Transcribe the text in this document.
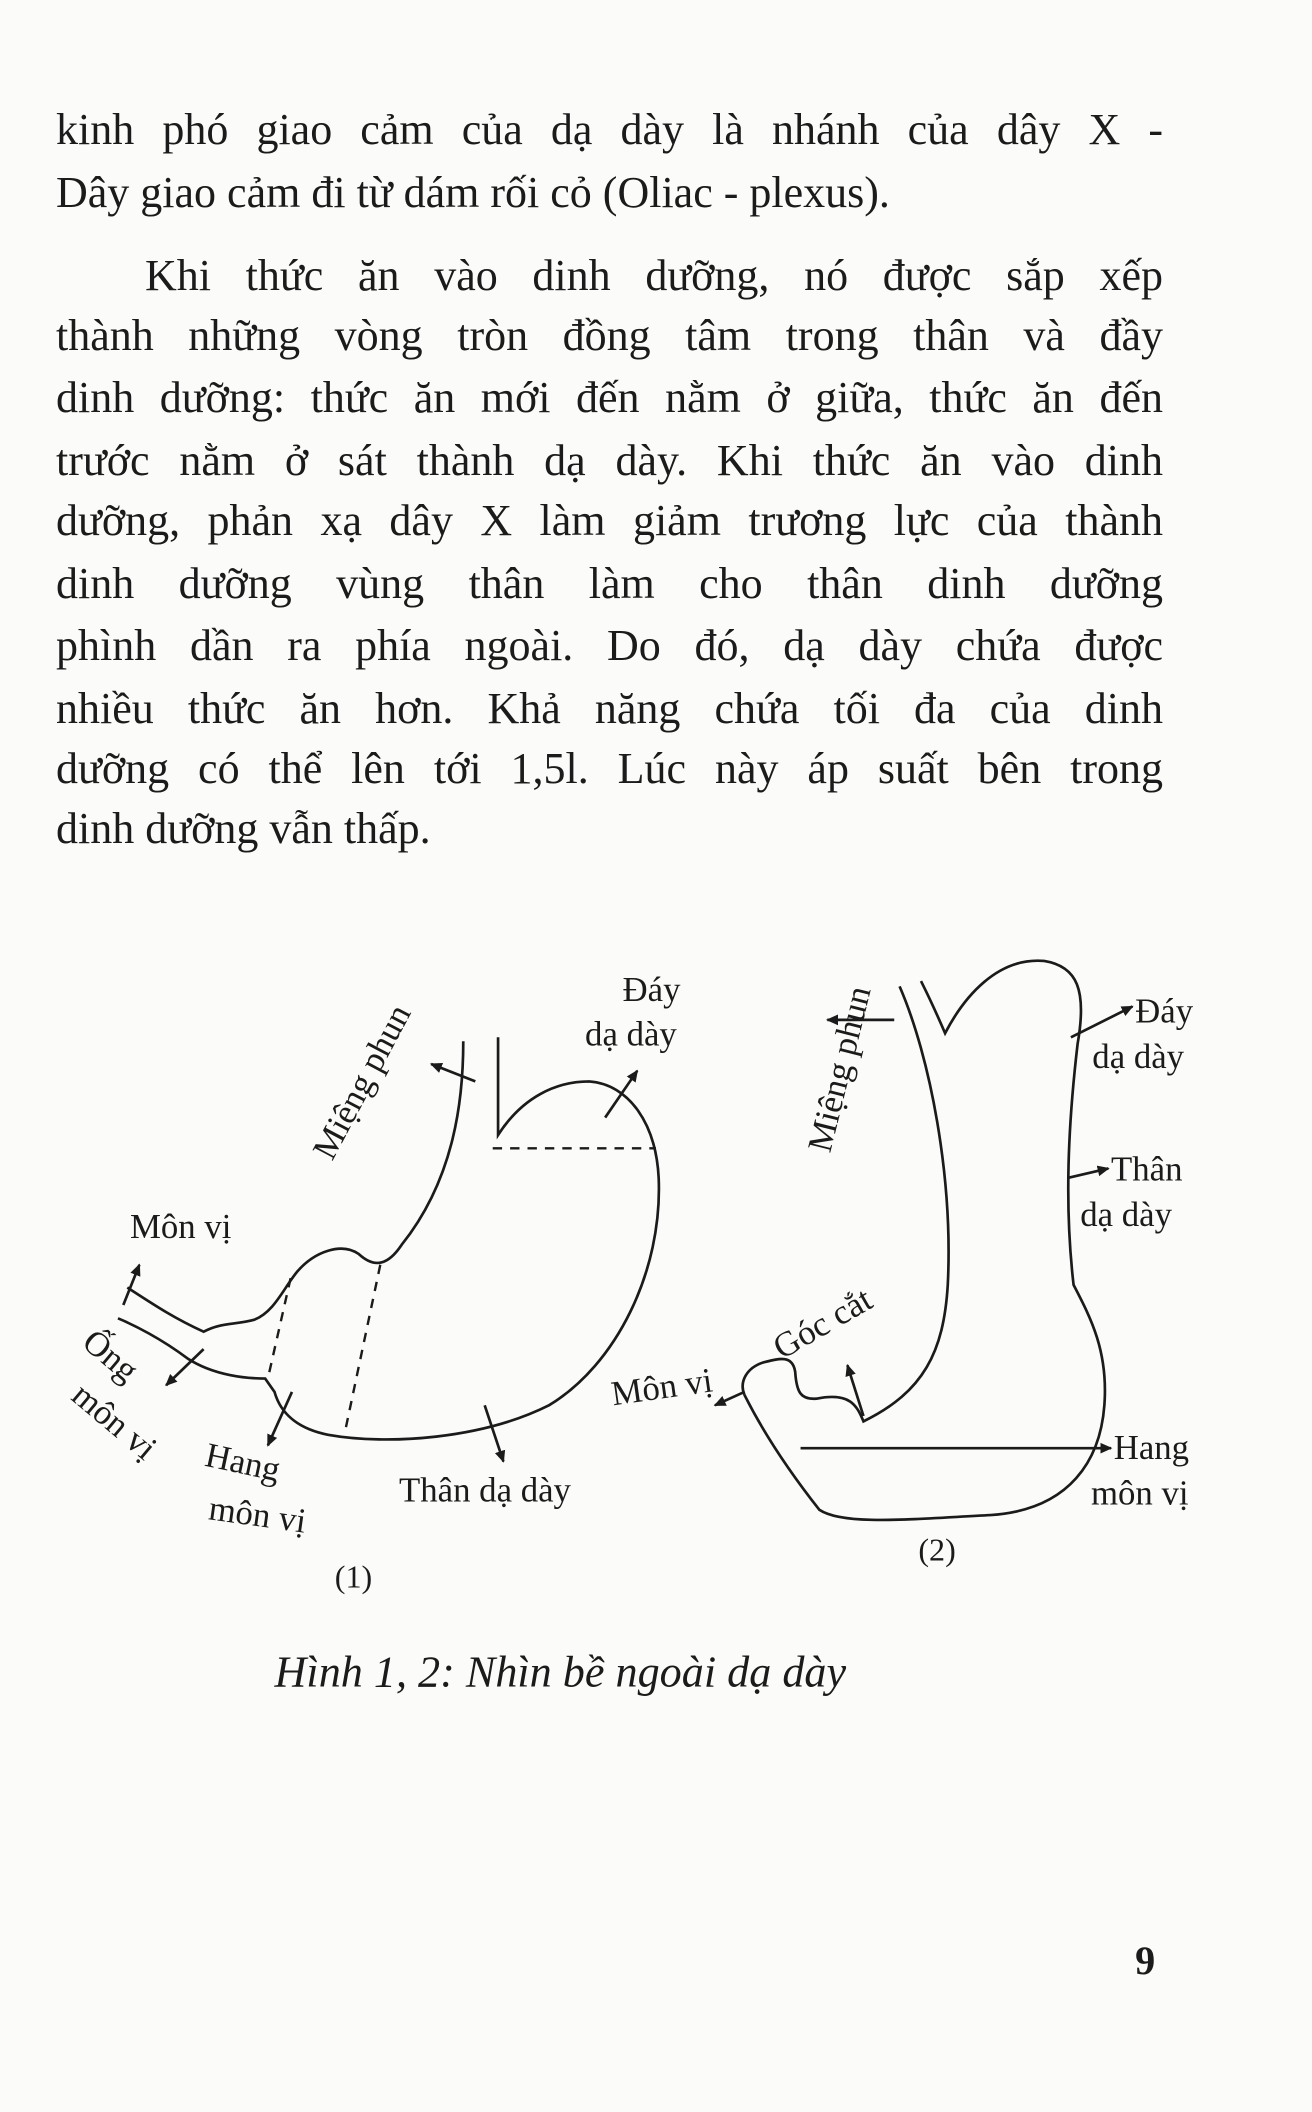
kinh phó giao cảm của dạ dày là nhánh của dây X -
Dây giao cảm đi từ dám rối cỏ (Oliac - plexus).
Khi thức ăn vào dinh dưỡng, nó được sắp xếp
thành những vòng tròn đồng tâm trong thân và đầy
dinh dưỡng: thức ăn mới đến nằm ở giữa, thức ăn đến
trước nằm ở sát thành dạ dày. Khi thức ăn vào dinh
dưỡng, phản xạ dây X làm giảm trương lực của thành
dinh dưỡng vùng thân làm cho thân dinh dưỡng
phình dần ra phía ngoài. Do đó, dạ dày chứa được
nhiều thức ăn hơn. Khả năng chứa tối đa của dinh
dưỡng có thể lên tới 1,5l. Lúc này áp suất bên trong
dinh dưỡng vẫn thấp.
Miệng phun
Đáy
dạ dày
Môn vị
Ống
môn vị Hang
môn vị	Thân dạ dày
(1)
Miệng phun	Đáy
dạ dày
Thân
dạ dày
Góc cắt
Môn vị
Hang
môn vị
(2)
Hình 1, 2: Nhìn bề ngoài dạ dày
9
